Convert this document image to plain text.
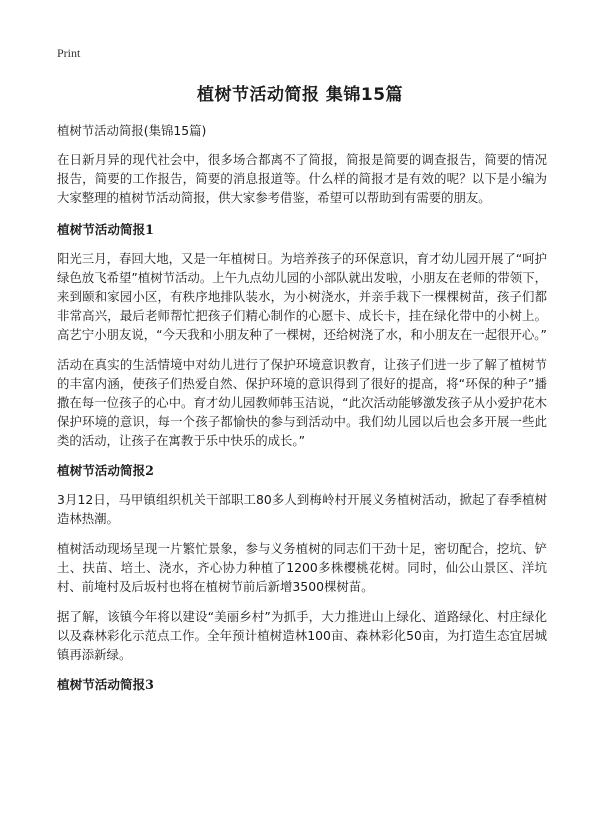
Print
植树节活动简报 集锦15篇

植树节活动简报(集锦15篇)

在日新月异的现代社会中，很多场合都离不了简报，简报是简要的调查报告，简要的情况报告，简要的工作报告，简要的消息报道等。什么样的简报才是有效的呢？以下是小编为大家整理的植树节活动简报，供大家参考借鉴，希望可以帮助到有需要的朋友。

植树节活动简报1

阳光三月，春回大地，又是一年植树日。为培养孩子的环保意识，育才幼儿园开展了“呵护绿色放飞希望”植树节活动。上午九点幼儿园的小部队就出发啦，小朋友在老师的带领下，来到颐和家园小区，有秩序地排队装水，为小树浇水，并亲手栽下一棵棵树苗，孩子们都非常高兴，最后老师帮忙把孩子们精心制作的心愿卡、成长卡，挂在绿化带中的小树上。高艺宁小朋友说，“今天我和小朋友种了一棵树，还给树浇了水，和小朋友在一起很开心。”

活动在真实的生活情境中对幼儿进行了保护环境意识教育，让孩子们进一步了解了植树节的丰富内涵，使孩子们热爱自然、保护环境的意识得到了很好的提高，将“环保的种子”播撒在每一位孩子的心中。育才幼儿园教师韩玉洁说，“此次活动能够激发孩子从小爱护花木保护环境的意识，每一个孩子都愉快的参与到活动中。我们幼儿园以后也会多开展一些此类的活动，让孩子在寓教于乐中快乐的成长。”

植树节活动简报2

3月12日，马甲镇组织机关干部职工80多人到梅岭村开展义务植树活动，掀起了春季植树造林热潮。

植树活动现场呈现一片繁忙景象，参与义务植树的同志们干劲十足，密切配合，挖坑、铲土、扶苗、培土、浇水，齐心协力种植了1200多株樱桃花树。同时，仙公山景区、洋坑村、前埯村及后坂村也将在植树节前后新增3500棵树苗。

据了解，该镇今年将以建设“美丽乡村”为抓手，大力推进山上绿化、道路绿化、村庄绿化以及森林彩化示范点工作。全年预计植树造林100亩、森林彩化50亩，为打造生态宜居城镇再添新绿。

植树节活动简报3
